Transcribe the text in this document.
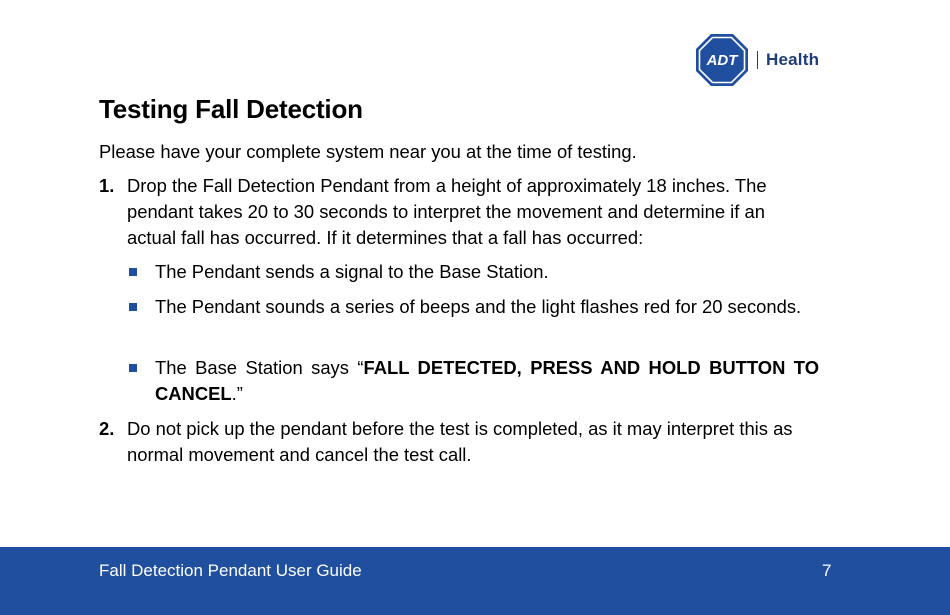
ADT Health
Testing Fall Detection

Please have your complete system near you at the time of testing.

1. Drop the Fall Detection Pendant from a height of approximately 18 inches. The pendant takes 20 to 30 seconds to interpret the movement and determine if an actual fall has occurred. If it determines that a fall has occurred:
The Pendant sends a signal to the Base Station.
The Pendant sounds a series of beeps and the light flashes red for 20 seconds.
The Base Station says “FALL DETECTED, PRESS AND HOLD BUTTON TO CANCEL.”
2. Do not pick up the pendant before the test is completed, as it may interpret this as normal movement and cancel the test call.
Fall Detection Pendant User Guide	7
